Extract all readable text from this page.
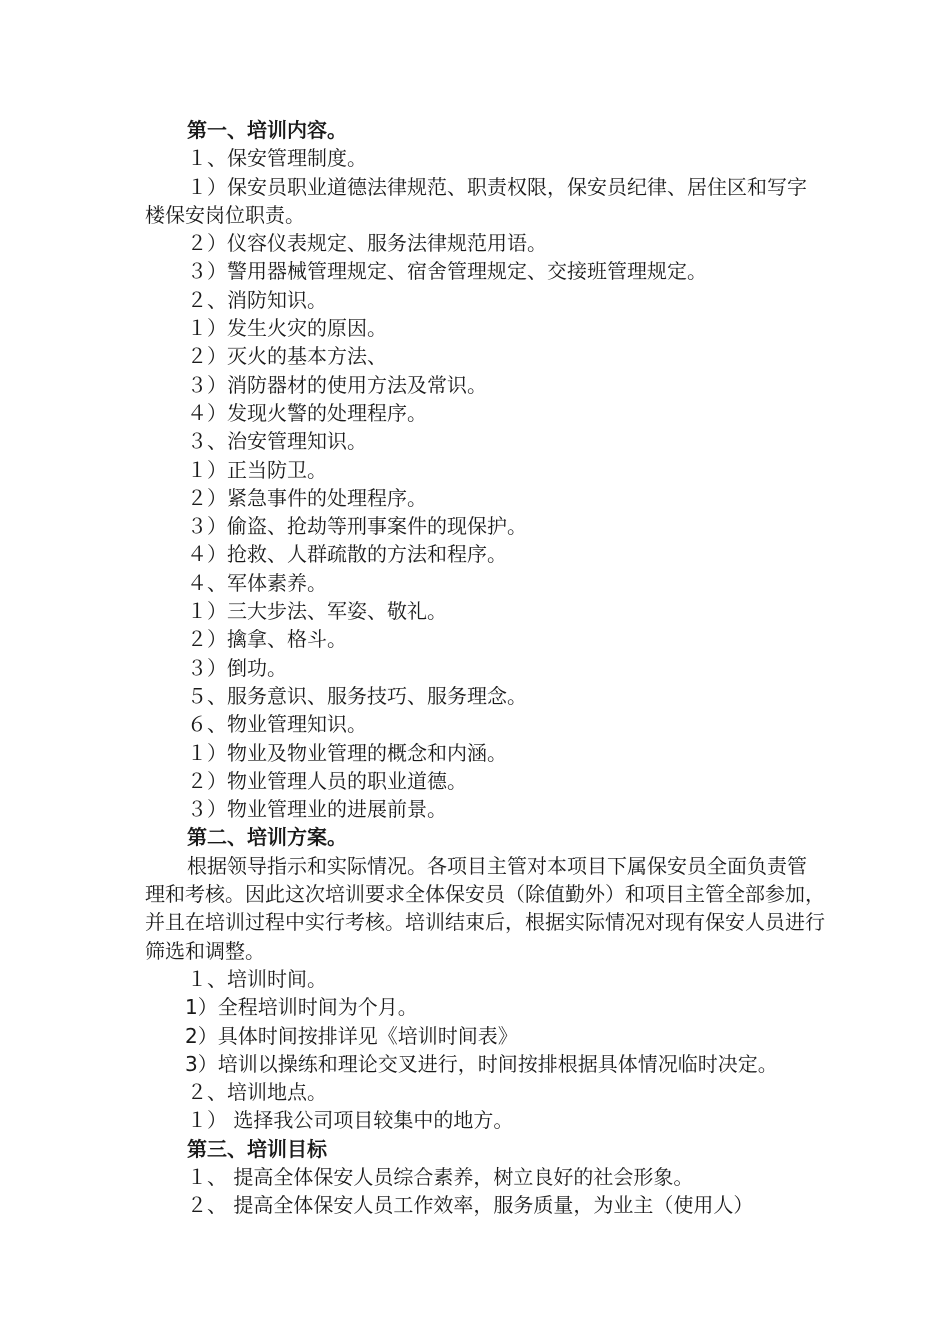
第一、培训内容。
１、保安管理制度。
１）保安员职业道德法律规范、职责权限，保安员纪律、居住区和写字楼保安岗位职责。
２）仪容仪表规定、服务法律规范用语。
３）警用器械管理规定、宿舍管理规定、交接班管理规定。
２、消防知识。
１）发生火灾的原因。
２）灭火的基本方法、
３）消防器材的使用方法及常识。
４）发现火警的处理程序。
３、治安管理知识。
１）正当防卫。
２）紧急事件的处理程序。
３）偷盗、抢劫等刑事案件的现保护。
４）抢救、人群疏散的方法和程序。
４、军体素养。
１）三大步法、军姿、敬礼。
２）擒拿、格斗。
３）倒功。
５、服务意识、服务技巧、服务理念。
６、物业管理知识。
１）物业及物业管理的概念和内涵。
２）物业管理人员的职业道德。
３）物业管理业的进展前景。
第二、培训方案。
根据领导指示和实际情况。各项目主管对本项目下属保安员全面负责管理和考核。因此这次培训要求全体保安员（除值勤外）和项目主管全部参加，并且在培训过程中实行考核。培训结束后，根据实际情况对现有保安人员进行筛选和调整。
１、培训时间。
1）全程培训时间为个月。
2）具体时间按排详见《培训时间表》
3）培训以操练和理论交叉进行，时间按排根据具体情况临时决定。
２、培训地点。
１） 选择我公司项目较集中的地方。
第三、培训目标
１、 提高全体保安人员综合素养，树立良好的社会形象。
２、 提高全体保安人员工作效率，服务质量，为业主（使用人）
